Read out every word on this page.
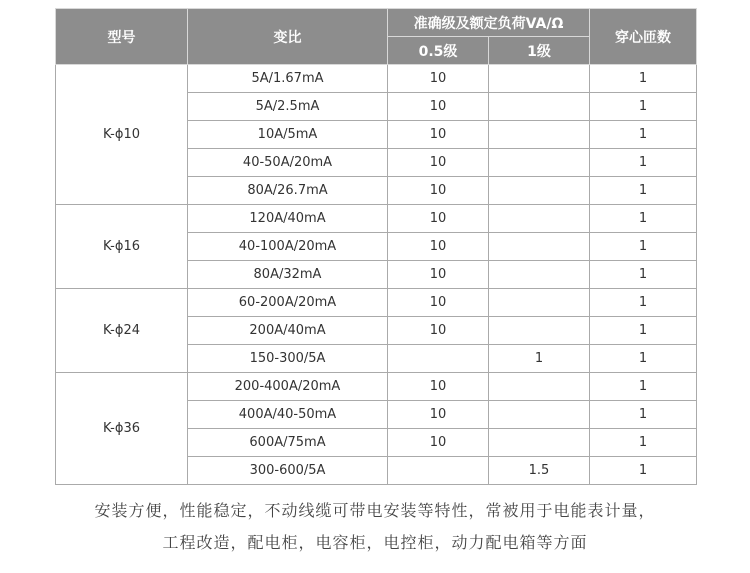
型号	变比	准确级及额定负荷VA/Ω		穿心匝数
		0.5级	1级	
K-ϕ10	5A/1.67mA	10		1
	5A/2.5mA	10		1
	10A/5mA	10		1
	40-50A/20mA	10		1
	80A/26.7mA	10		1
K-ϕ16	120A/40mA	10		1
	40-100A/20mA	10		1
	80A/32mA	10		1
K-ϕ24	60-200A/20mA	10		1
	200A/40mA	10		1
	150-300/5A		1	1
K-ϕ36	200-400A/20mA	10		1
	400A/40-50mA	10		1
	600A/75mA	10		1
	300-600/5A		1.5	1
安装方便，性能稳定，不动线缆可带电安装等特性，常被用于电能表计量，
工程改造，配电柜，电容柜，电控柜，动力配电箱等方面
